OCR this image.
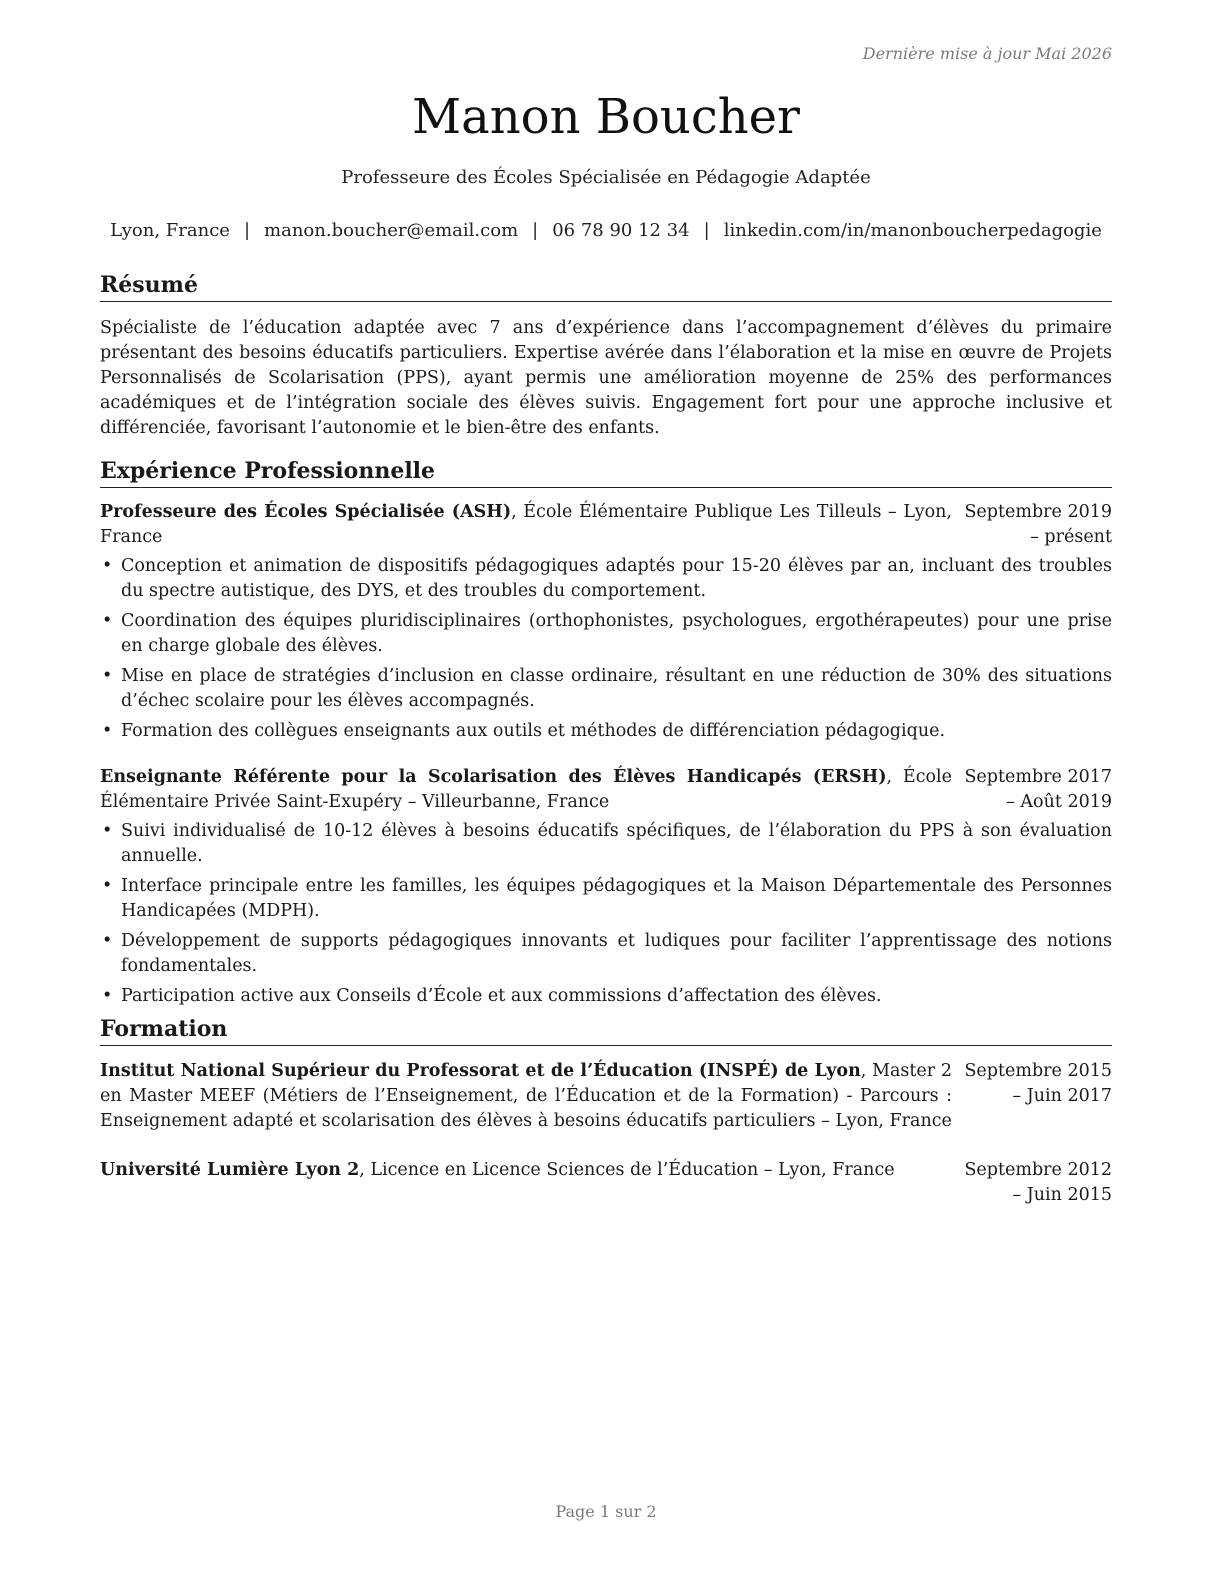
Dernière mise à jour Mai 2026
Manon Boucher
Professeure des Écoles Spécialisée en Pédagogie Adaptée
Lyon, France | manon.boucher@email.com | 06 78 90 12 34 | linkedin.com/in/manonboucherpedagogie
Résumé

Spécialiste de l’éducation adaptée avec 7 ans d’expérience dans l’accompagnement d’élèves du primaire présentant des besoins éducatifs particuliers. Expertise avérée dans l’élaboration et la mise en œuvre de Projets Personnalisés de Scolarisation (PPS), ayant permis une amélioration moyenne de 25% des performances académiques et de l’intégration sociale des élèves suivis. Engagement fort pour une approche inclusive et différenciée, favorisant l’autonomie et le bien-être des enfants.

Expérience Professionnelle
Professeure des Écoles Spécialisée (ASH), École Élémentaire Publique Les Tilleuls – Lyon, France
Septembre 2019 – présent
• Conception et animation de dispositifs pédagogiques adaptés pour 15-20 élèves par an, incluant des troubles du spectre autistique, des DYS, et des troubles du comportement.
• Coordination des équipes pluridisciplinaires (orthophonistes, psychologues, ergothérapeutes) pour une prise en charge globale des élèves.
• Mise en place de stratégies d’inclusion en classe ordinaire, résultant en une réduction de 30% des situations d’échec scolaire pour les élèves accompagnés.
• Formation des collègues enseignants aux outils et méthodes de différenciation pédagogique.
Enseignante Référente pour la Scolarisation des Élèves Handicapés (ERSH), École Élémentaire Privée Saint-Exupéry – Villeurbanne, France
Septembre 2017 – Août 2019
• Suivi individualisé de 10-12 élèves à besoins éducatifs spécifiques, de l’élaboration du PPS à son évaluation annuelle.
• Interface principale entre les familles, les équipes pédagogiques et la Maison Départementale des Personnes Handicapées (MDPH).
• Développement de supports pédagogiques innovants et ludiques pour faciliter l’apprentissage des notions fondamentales.
• Participation active aux Conseils d’École et aux commissions d’affectation des élèves.
Formation
Institut National Supérieur du Professorat et de l’Éducation (INSPÉ) de Lyon, Master 2 en Master MEEF (Métiers de l’Enseignement, de l’Éducation et de la Formation) - Parcours : Enseignement adapté et scolarisation des élèves à besoins éducatifs particuliers – Lyon, France
Septembre 2015 – Juin 2017
Université Lumière Lyon 2, Licence en Licence Sciences de l’Éducation – Lyon, France	Septembre 2012 – Juin 2015
Page 1 sur 2
